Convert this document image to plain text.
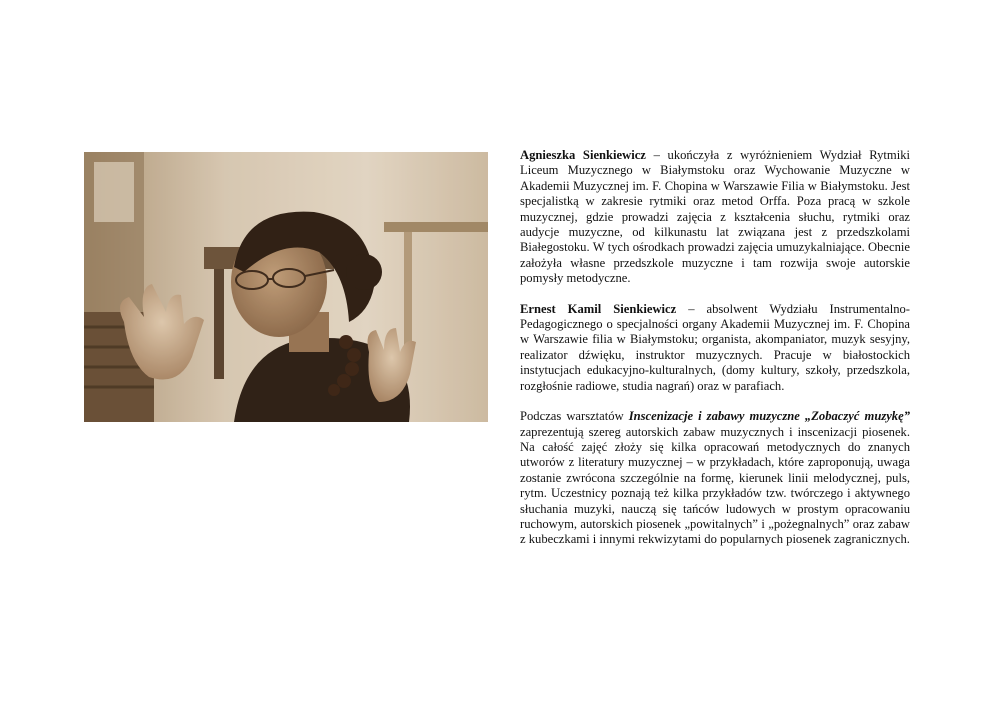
Agnieszka Sienkiewicz – ukończyła z wyróżnieniem Wydział Rytmiki Liceum Muzycznego w Białymstoku oraz Wychowanie Muzyczne w Akademii Muzycznej im. F. Chopina w Warszawie Filia w Białymstoku. Jest specjalistką w zakresie rytmiki oraz metod Orffa. Poza pracą w szkole muzycznej, gdzie prowadzi zajęcia z kształcenia słuchu, rytmiki oraz audycje muzyczne, od kilkunastu lat związana jest z przedszkolami Białegostoku. W tych ośrodkach prowadzi zajęcia umuzykalniające. Obecnie założyła własne przedszkole muzyczne i tam rozwija swoje autorskie pomysły metodyczne.

Ernest Kamil Sienkiewicz – absolwent Wydziału Instrumentalno-Pedagogicznego o specjalności organy Akademii Muzycznej im. F. Chopina w Warszawie filia w Białymstoku; organista, akompaniator, muzyk sesyjny, realizator dźwięku, instruktor muzycznych. Pracuje w białostockich instytucjach edukacyjno-kulturalnych, (domy kultury, szkoły, przedszkola, rozgłośnie radiowe, studia nagrań) oraz w parafiach.

Podczas warsztatów Inscenizacje i zabawy muzyczne „Zobaczyć muzykę” zaprezentują szereg autorskich zabaw muzycznych i inscenizacji piosenek. Na całość zajęć złoży się kilka opracowań metodycznych do znanych utworów z literatury muzycznej – w przykładach, które zaproponują, uwaga zostanie zwrócona szczególnie na formę, kierunek linii melodycznej, puls, rytm. Uczestnicy poznają też kilka przykładów tzw. twórczego i aktywnego słuchania muzyki, nauczą się tańców ludowych w prostym opracowaniu ruchowym, autorskich piosenek „powitalnych” i „pożegnalnych” oraz zabaw z kubeczkami i innymi rekwizytami do popularnych piosenek zagranicznych.
